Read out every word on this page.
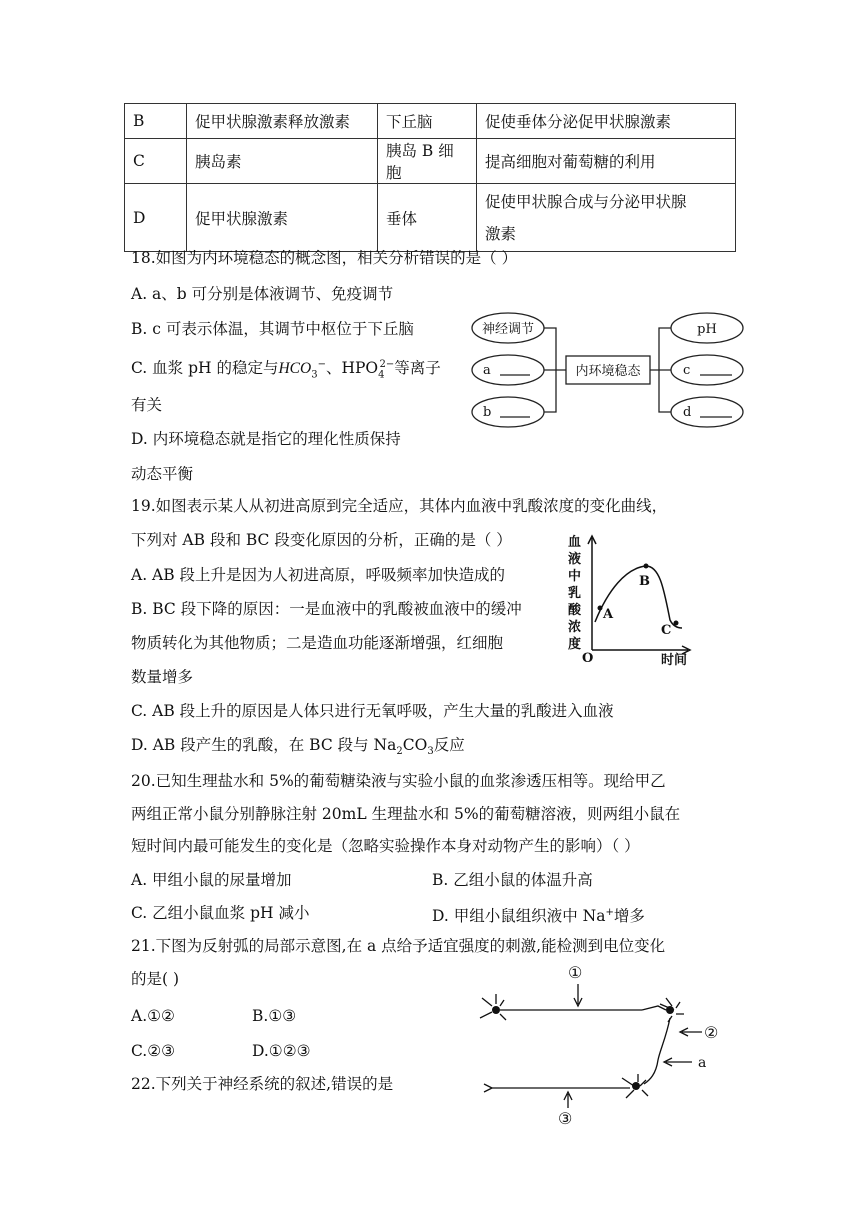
B	促甲状腺激素释放激素	下丘脑	促使垂体分泌促甲状腺激素
C	胰岛素	胰岛 B 细胞	提高细胞对葡萄糖的利用
D	促甲状腺激素	垂体	促使甲状腺合成与分泌甲状腺
激素
18.如图为内环境稳态的概念图，相关分析错误的是（ ）
A. a、b 可分别是体液调节、免疫调节
B. c 可表示体温，其调节中枢位于下丘脑
C. 血浆 pH 的稳定与$HCO_3^-$、$HPO_4^{2-}$等离子
有关
D. 内环境稳态就是指它的理化性质保持
动态平衡
神经调节
a
b
内环境稳态
pH
c
d
19.如图表示某人从初进高原到完全适应，其体内血液中乳酸浓度的变化曲线，
下列对 AB 段和 BC 段变化原因的分析，正确的是（ ）
A. AB 段上升是因为人初进高原，呼吸频率加快造成的
B. BC 段下降的原因：一是血液中的乳酸被血液中的缓冲
物质转化为其他物质；二是造血功能逐渐增强，红细胞
数量增多
C. AB 段上升的原因是人体只进行无氧呼吸，产生大量的乳酸进入血液
D. AB 段产生的乳酸，在 BC 段与 $Na_2CO_3$反应
血
液
中
乳
酸
浓
度
A
B
C
O	时间
20.已知生理盐水和 5%的葡萄糖染液与实验小鼠的血浆渗透压相等。现给甲乙
两组正常小鼠分别静脉注射 20mL 生理盐水和 5%的葡萄糖溶液，则两组小鼠在
短时间内最可能发生的变化是（忽略实验操作本身对动物产生的影响）（ ）
A. 甲组小鼠的尿量增加	B. 乙组小鼠的体温升高
C. 乙组小鼠血浆 pH 减小	D. 甲组小鼠组织液中 Na+增多
21.下图为反射弧的局部示意图,在 a 点给予适宜强度的刺激,能检测到电位变化
的是( )
A.①②	B.①③
C.②③	D.①②③
①
②
③
a
22.下列关于神经系统的叙述,错误的是
